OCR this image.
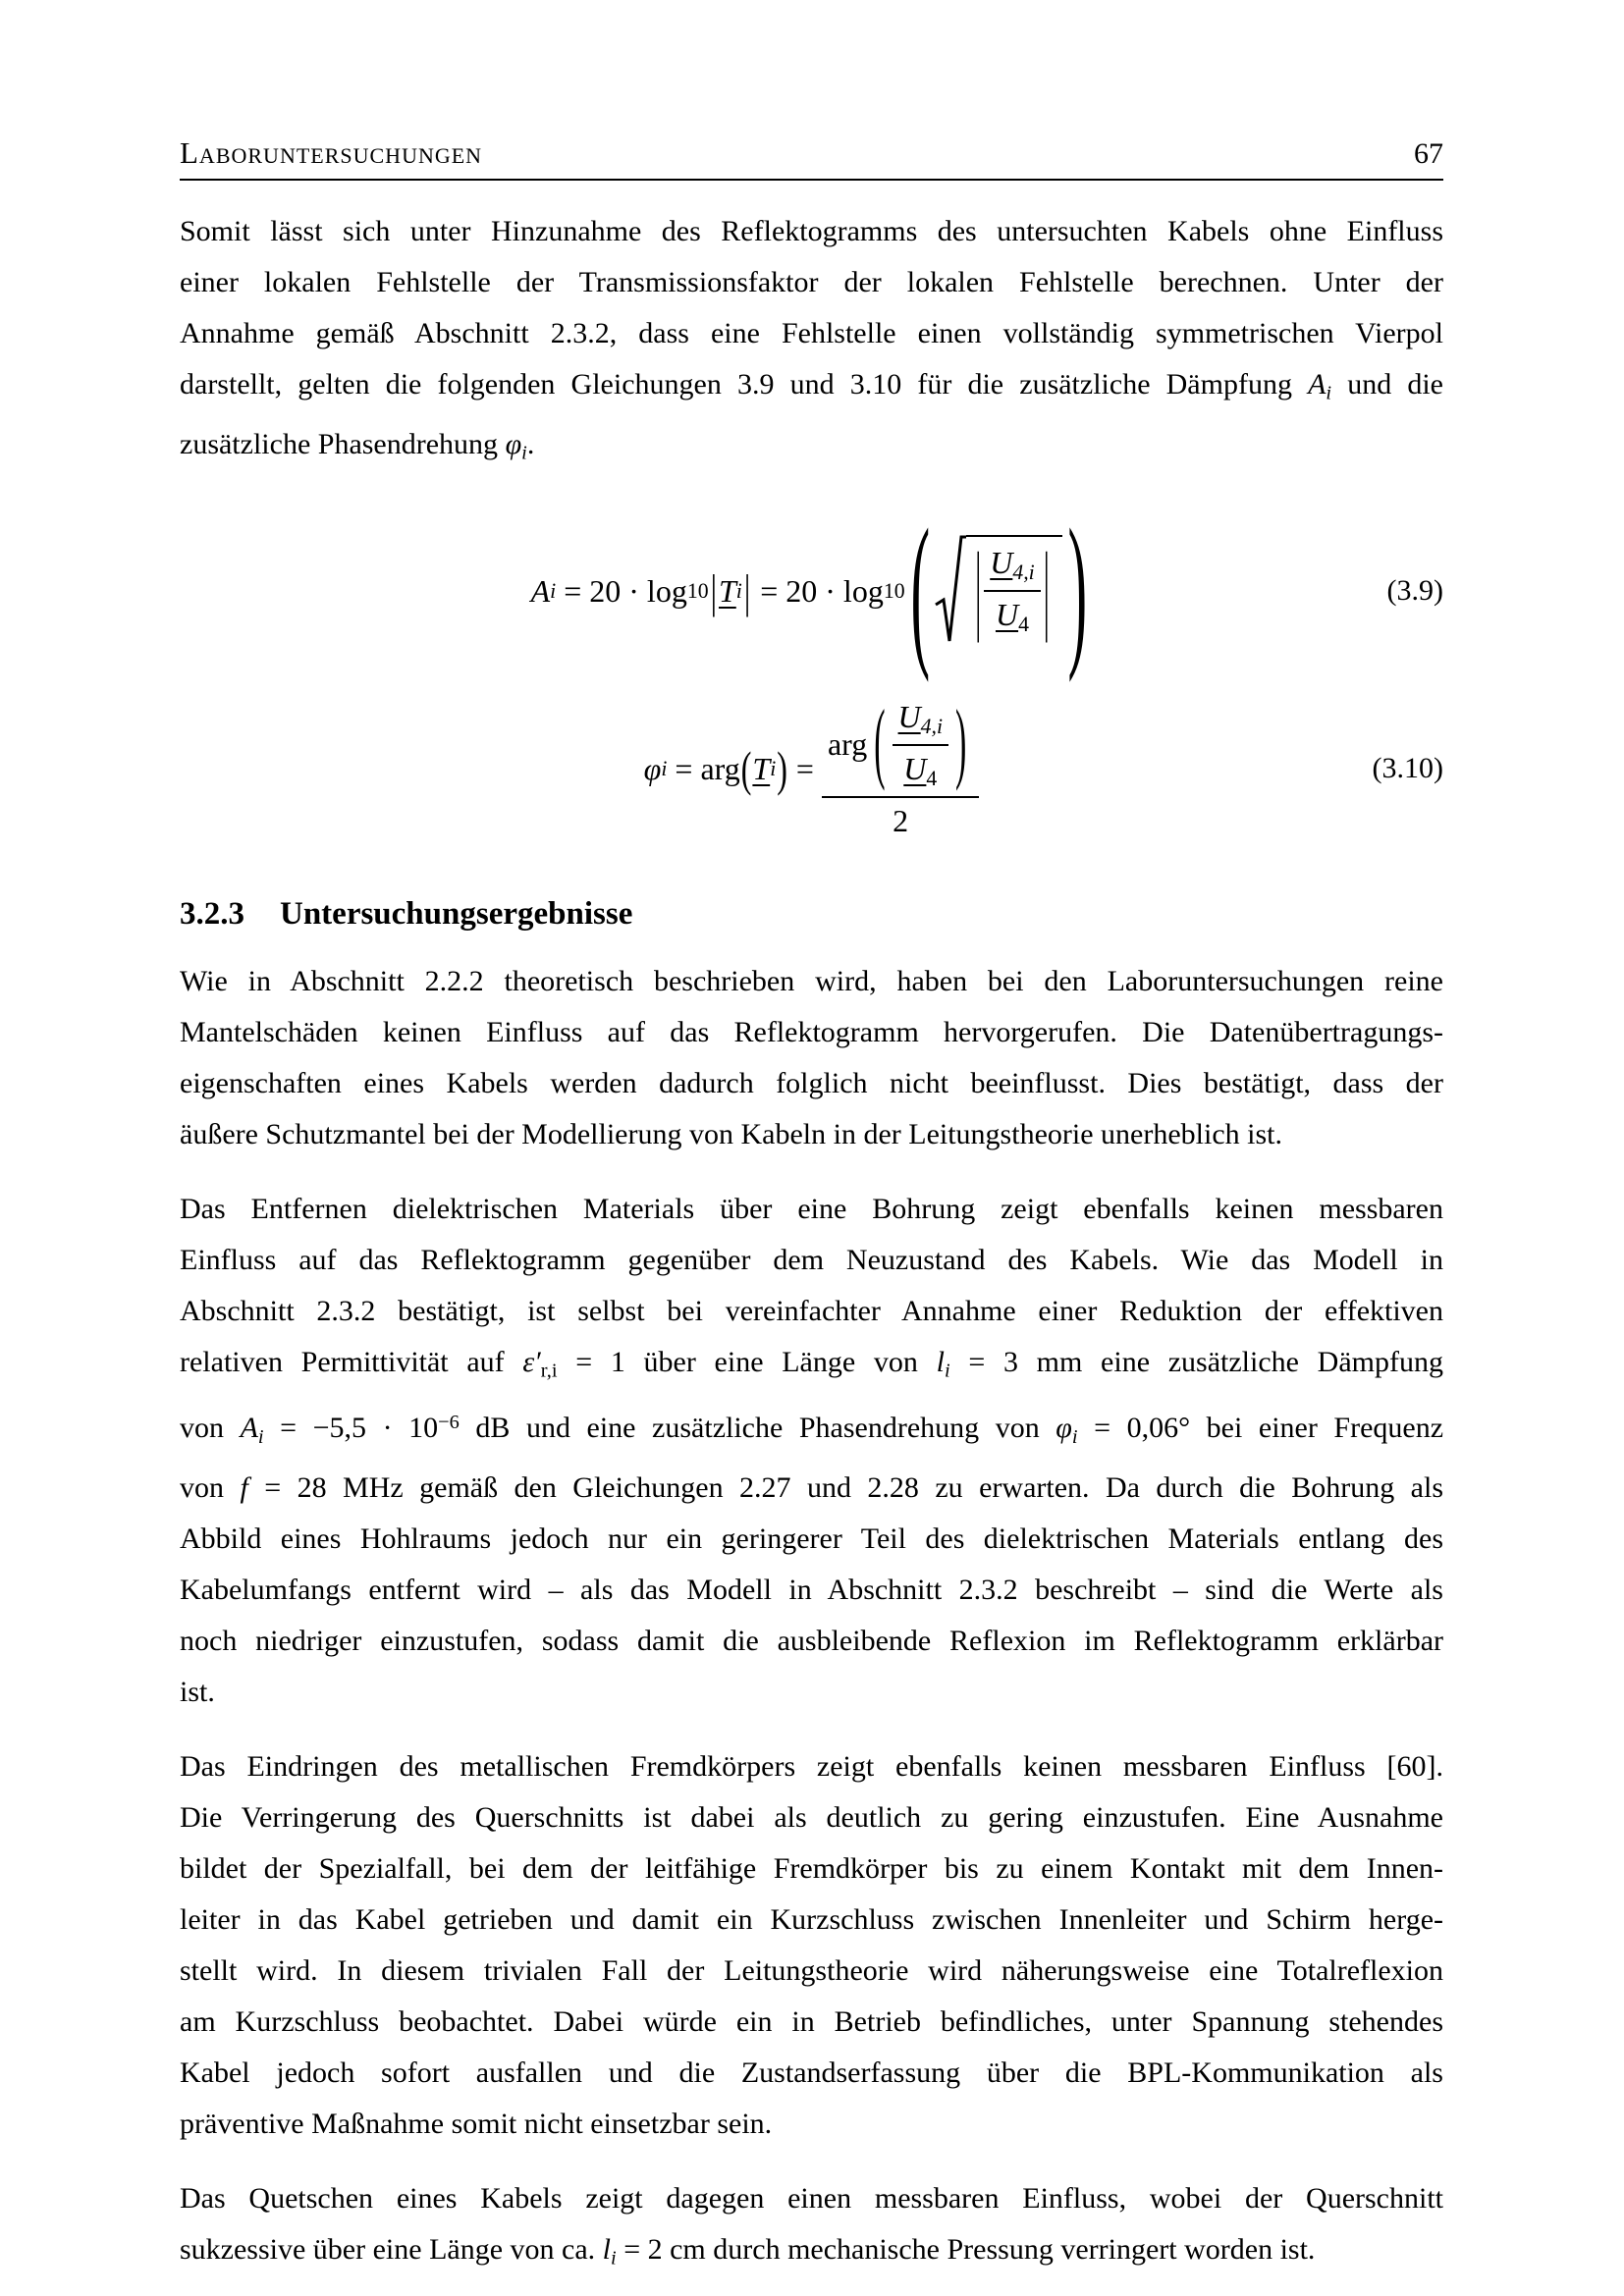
Laboruntersuchungen	67
Somit lässt sich unter Hinzunahme des Reflektogramms des untersuchten Kabels ohne Einfluss
einer lokalen Fehlstelle der Transmissionsfaktor der lokalen Fehlstelle berechnen. Unter der
Annahme gemäß Abschnitt 2.3.2, dass eine Fehlstelle einen vollständig symmetrischen Vierpol
darstellt, gelten die folgenden Gleichungen 3.9 und 3.10 für die zusätzliche Dämpfung $A_i$ und die
zusätzliche Phasendrehung $\varphi_i$.
A i = 20 · log 10 | T i | = 20 · log 10 ( | $\frac{U_{4,i}}{U_4}$ | )	(3.9)
φ i = arg ( T i ) =
arg ( $\frac{U_{4,i}}{U_4}$ )
2
(3.10)
3.2.3 Untersuchungsergebnisse
Wie in Abschnitt 2.2.2 theoretisch beschrieben wird, haben bei den Laboruntersuchungen reine
Mantelschäden keinen Einfluss auf das Reflektogramm hervorgerufen. Die Datenübertragungs-
eigenschaften eines Kabels werden dadurch folglich nicht beeinflusst. Dies bestätigt, dass der
äußere Schutzmantel bei der Modellierung von Kabeln in der Leitungstheorie unerheblich ist.
Das Entfernen dielektrischen Materials über eine Bohrung zeigt ebenfalls keinen messbaren
Einfluss auf das Reflektogramm gegenüber dem Neuzustand des Kabels. Wie das Modell in
Abschnitt 2.3.2 bestätigt, ist selbst bei vereinfachter Annahme einer Reduktion der effektiven
relativen Permittivität auf $\varepsilon'_{r,i} = 1$ über eine Länge von $l_i = 3$ mm eine zusätzliche Dämpfung
von $A_i = -5,5 \cdot 10^{-6}$ dB und eine zusätzliche Phasendrehung von $\varphi_i = 0,06^\circ$ bei einer Frequenz
von f = 28 MHz gemäß den Gleichungen 2.27 und 2.28 zu erwarten. Da durch die Bohrung als
Abbild eines Hohlraums jedoch nur ein geringerer Teil des dielektrischen Materials entlang des
Kabelumfangs entfernt wird – als das Modell in Abschnitt 2.3.2 beschreibt – sind die Werte als
noch niedriger einzustufen, sodass damit die ausbleibende Reflexion im Reflektogramm erklärbar
ist.
Das Eindringen des metallischen Fremdkörpers zeigt ebenfalls keinen messbaren Einfluss [60].
Die Verringerung des Querschnitts ist dabei als deutlich zu gering einzustufen. Eine Ausnahme
bildet der Spezialfall, bei dem der leitfähige Fremdkörper bis zu einem Kontakt mit dem Innen-
leiter in das Kabel getrieben und damit ein Kurzschluss zwischen Innenleiter und Schirm herge-
stellt wird. In diesem trivialen Fall der Leitungstheorie wird näherungsweise eine Totalreflexion
am Kurzschluss beobachtet. Dabei würde ein in Betrieb befindliches, unter Spannung stehendes
Kabel jedoch sofort ausfallen und die Zustandserfassung über die BPL-Kommunikation als
präventive Maßnahme somit nicht einsetzbar sein.
Das Quetschen eines Kabels zeigt dagegen einen messbaren Einfluss, wobei der Querschnitt
sukzessive über eine Länge von ca. $l_i = 2$ cm durch mechanische Pressung verringert worden ist.
